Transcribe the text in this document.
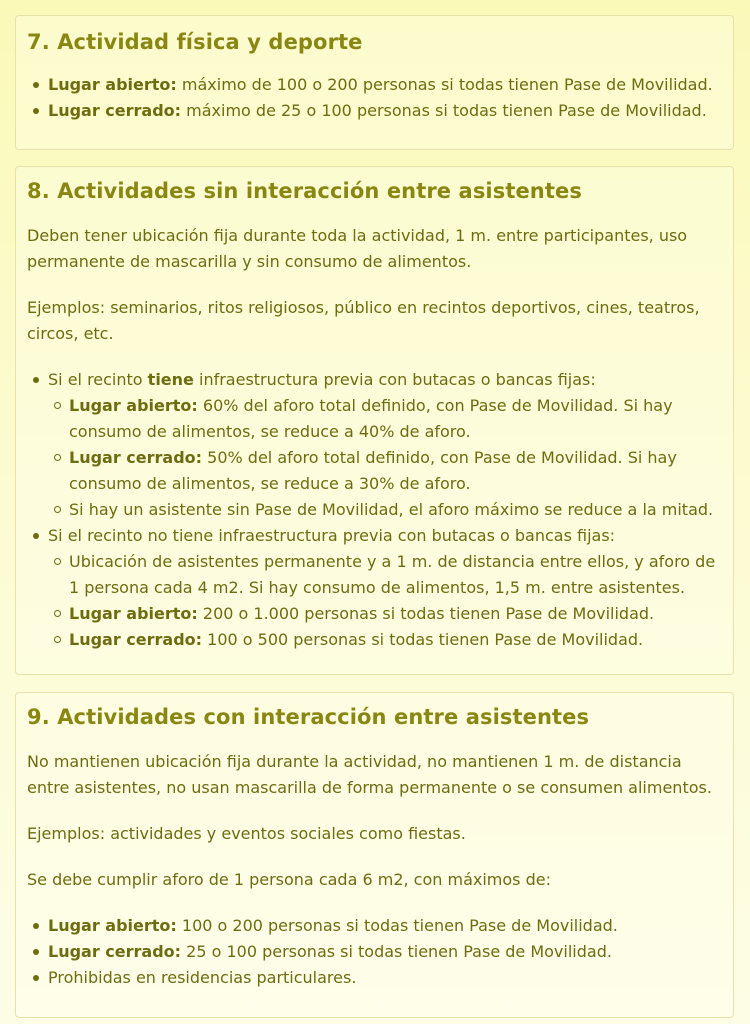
7. Actividad física y deporte
Lugar abierto: máximo de 100 o 200 personas si todas tienen Pase de Movilidad.
Lugar cerrado: máximo de 25 o 100 personas si todas tienen Pase de Movilidad.
8. Actividades sin interacción entre asistentes

Deben tener ubicación fija durante toda la actividad, 1 m. entre participantes, uso permanente de mascarilla y sin consumo de alimentos.

Ejemplos: seminarios, ritos religiosos, público en recintos deportivos, cines, teatros, circos, etc.

Si el recinto tiene infraestructura previa con butacas o bancas fijas:
Lugar abierto: 60% del aforo total definido, con Pase de Movilidad. Si hay consumo de alimentos, se reduce a 40% de aforo.
Lugar cerrado: 50% del aforo total definido, con Pase de Movilidad. Si hay consumo de alimentos, se reduce a 30% de aforo.
Si hay un asistente sin Pase de Movilidad, el aforo máximo se reduce a la mitad.
Si el recinto no tiene infraestructura previa con butacas o bancas fijas:
Ubicación de asistentes permanente y a 1 m. de distancia entre ellos, y aforo de 1 persona cada 4 m2. Si hay consumo de alimentos, 1,5 m. entre asistentes.
Lugar abierto: 200 o 1.000 personas si todas tienen Pase de Movilidad.
Lugar cerrado: 100 o 500 personas si todas tienen Pase de Movilidad.
9. Actividades con interacción entre asistentes

No mantienen ubicación fija durante la actividad, no mantienen 1 m. de distancia entre asistentes, no usan mascarilla de forma permanente o se consumen alimentos.

Ejemplos: actividades y eventos sociales como fiestas.

Se debe cumplir aforo de 1 persona cada 6 m2, con máximos de:

Lugar abierto: 100 o 200 personas si todas tienen Pase de Movilidad.
Lugar cerrado: 25 o 100 personas si todas tienen Pase de Movilidad.
Prohibidas en residencias particulares.
